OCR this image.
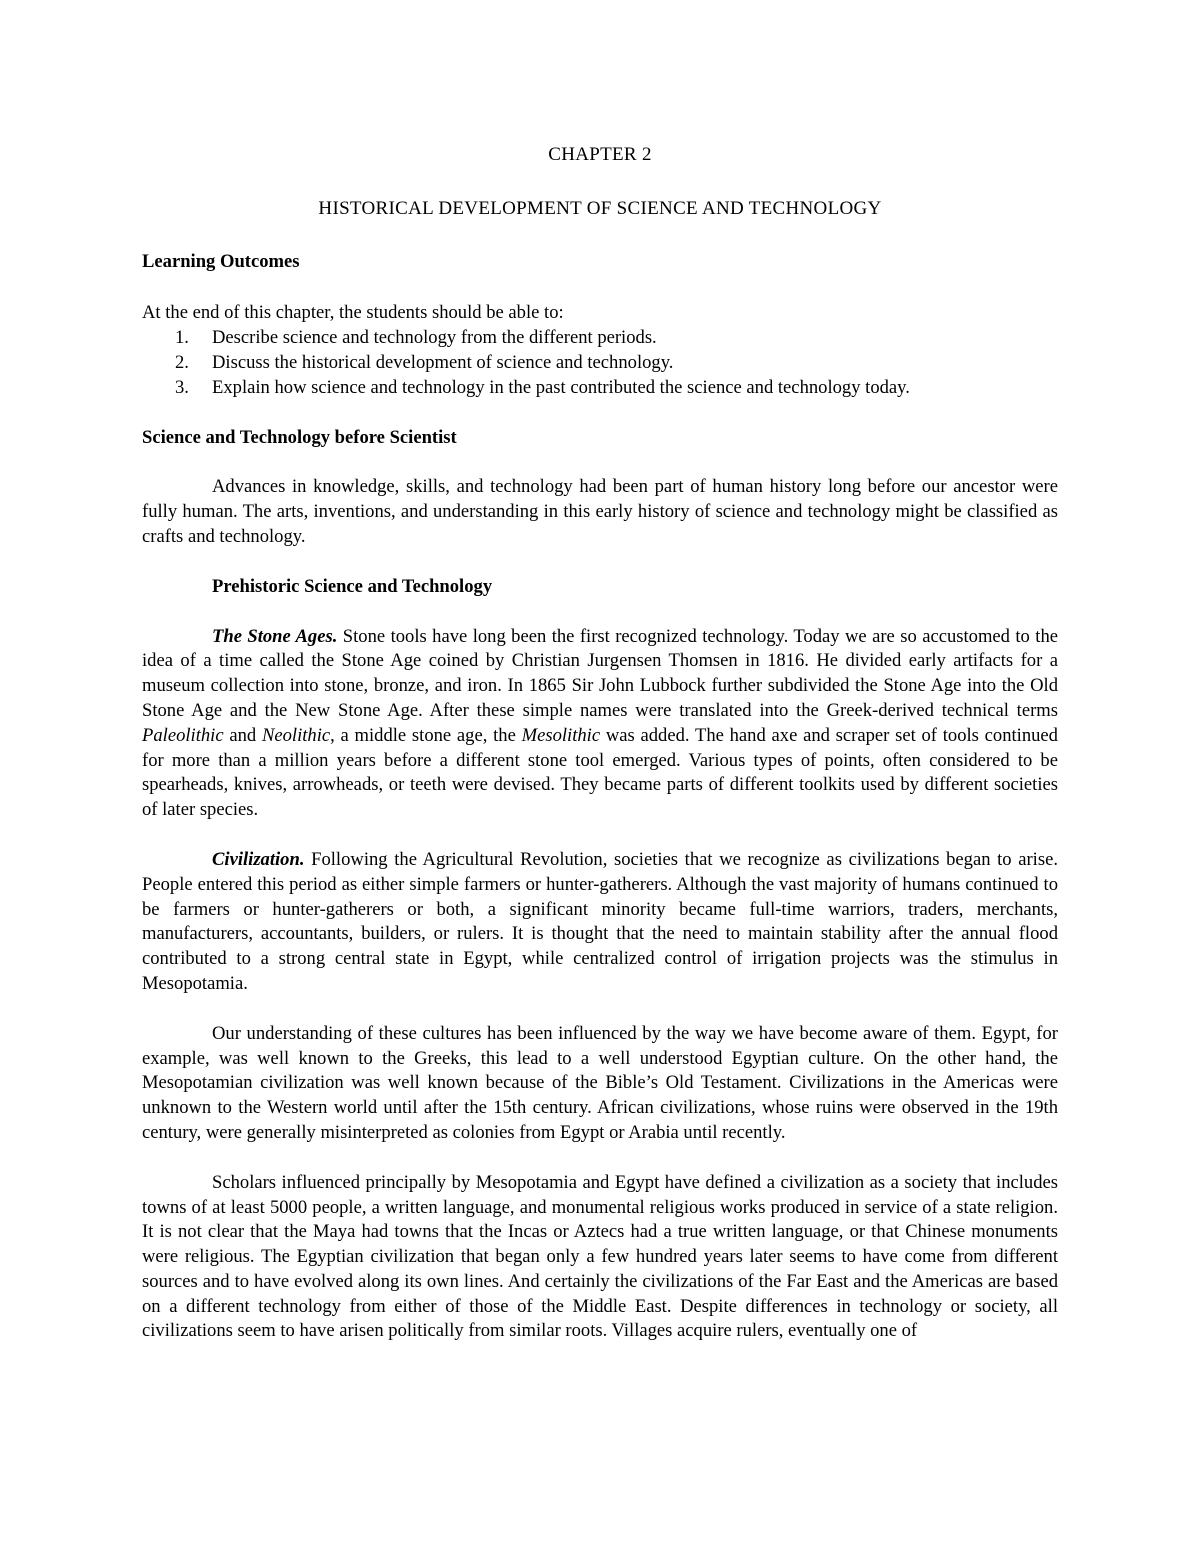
CHAPTER 2

HISTORICAL DEVELOPMENT OF SCIENCE AND TECHNOLOGY

Learning Outcomes

At the end of this chapter, the students should be able to:

1. Describe science and technology from the different periods.
2. Discuss the historical development of science and technology.
3. Explain how science and technology in the past contributed the science and technology today.

Science and Technology before Scientist

Advances in knowledge, skills, and technology had been part of human history long before our ancestor were fully human. The arts, inventions, and understanding in this early history of science and technology might be classified as crafts and technology.

Prehistoric Science and Technology

The Stone Ages. Stone tools have long been the first recognized technology. Today we are so accustomed to the idea of a time called the Stone Age coined by Christian Jurgensen Thomsen in 1816. He divided early artifacts for a museum collection into stone, bronze, and iron. In 1865 Sir John Lubbock further subdivided the Stone Age into the Old Stone Age and the New Stone Age. After these simple names were translated into the Greek-derived technical terms Paleolithic and Neolithic, a middle stone age, the Mesolithic was added. The hand axe and scraper set of tools continued for more than a million years before a different stone tool emerged. Various types of points, often considered to be spearheads, knives, arrowheads, or teeth were devised. They became parts of different toolkits used by different societies of later species.

Civilization. Following the Agricultural Revolution, societies that we recognize as civilizations began to arise. People entered this period as either simple farmers or hunter-gatherers. Although the vast majority of humans continued to be farmers or hunter-gatherers or both, a significant minority became full-time warriors, traders, merchants, manufacturers, accountants, builders, or rulers. It is thought that the need to maintain stability after the annual flood contributed to a strong central state in Egypt, while centralized control of irrigation projects was the stimulus in Mesopotamia.

Our understanding of these cultures has been influenced by the way we have become aware of them. Egypt, for example, was well known to the Greeks, this lead to a well understood Egyptian culture. On the other hand, the Mesopotamian civilization was well known because of the Bible’s Old Testament. Civilizations in the Americas were unknown to the Western world until after the 15th century. African civilizations, whose ruins were observed in the 19th century, were generally misinterpreted as colonies from Egypt or Arabia until recently.

Scholars influenced principally by Mesopotamia and Egypt have defined a civilization as a society that includes towns of at least 5000 people, a written language, and monumental religious works produced in service of a state religion. It is not clear that the Maya had towns that the Incas or Aztecs had a true written language, or that Chinese monuments were religious. The Egyptian civilization that began only a few hundred years later seems to have come from different sources and to have evolved along its own lines. And certainly the civilizations of the Far East and the Americas are based on a different technology from either of those of the Middle East. Despite differences in technology or society, all civilizations seem to have arisen politically from similar roots. Villages acquire rulers, eventually one of
